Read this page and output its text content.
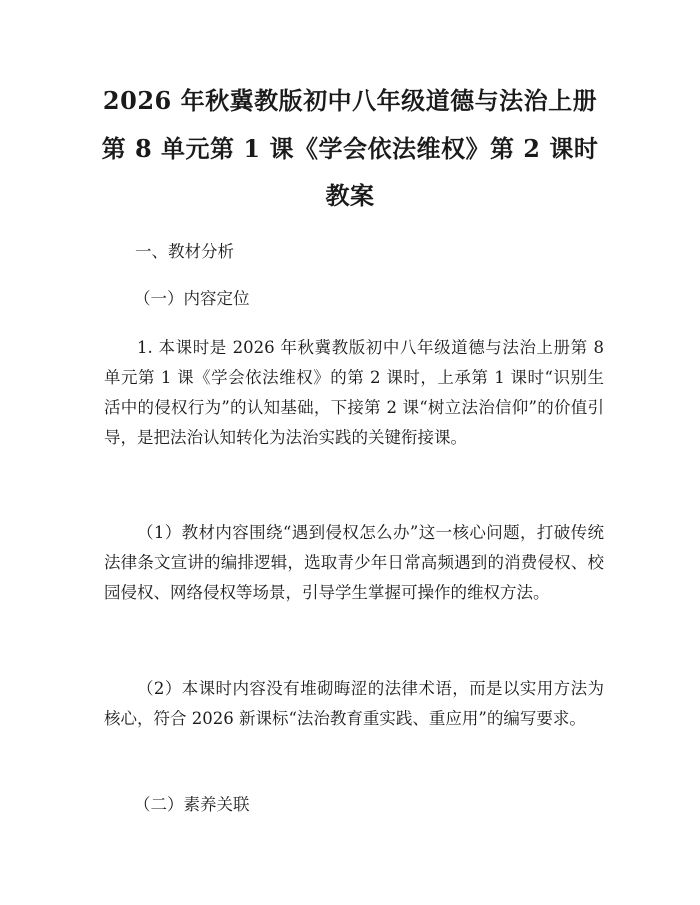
2026 年秋冀教版初中八年级道德与法治上册
第 8 单元第 1 课《学会依法维权》第 2 课时
教案
一、教材分析
（一）内容定位
1. 本课时是 2026 年秋冀教版初中八年级道德与法治上册第 8 单元第 1 课《学会依法维权》的第 2 课时，上承第 1 课时“识别生活中的侵权行为”的认知基础，下接第 2 课“树立法治信仰”的价值引导，是把法治认知转化为法治实践的关键衔接课。
（1）教材内容围绕“遇到侵权怎么办”这一核心问题，打破传统法律条文宣讲的编排逻辑，选取青少年日常高频遇到的消费侵权、校园侵权、网络侵权等场景，引导学生掌握可操作的维权方法。
（2）本课时内容没有堆砌晦涩的法律术语，而是以实用方法为核心，符合 2026 新课标“法治教育重实践、重应用”的编写要求。
（二）素养关联
